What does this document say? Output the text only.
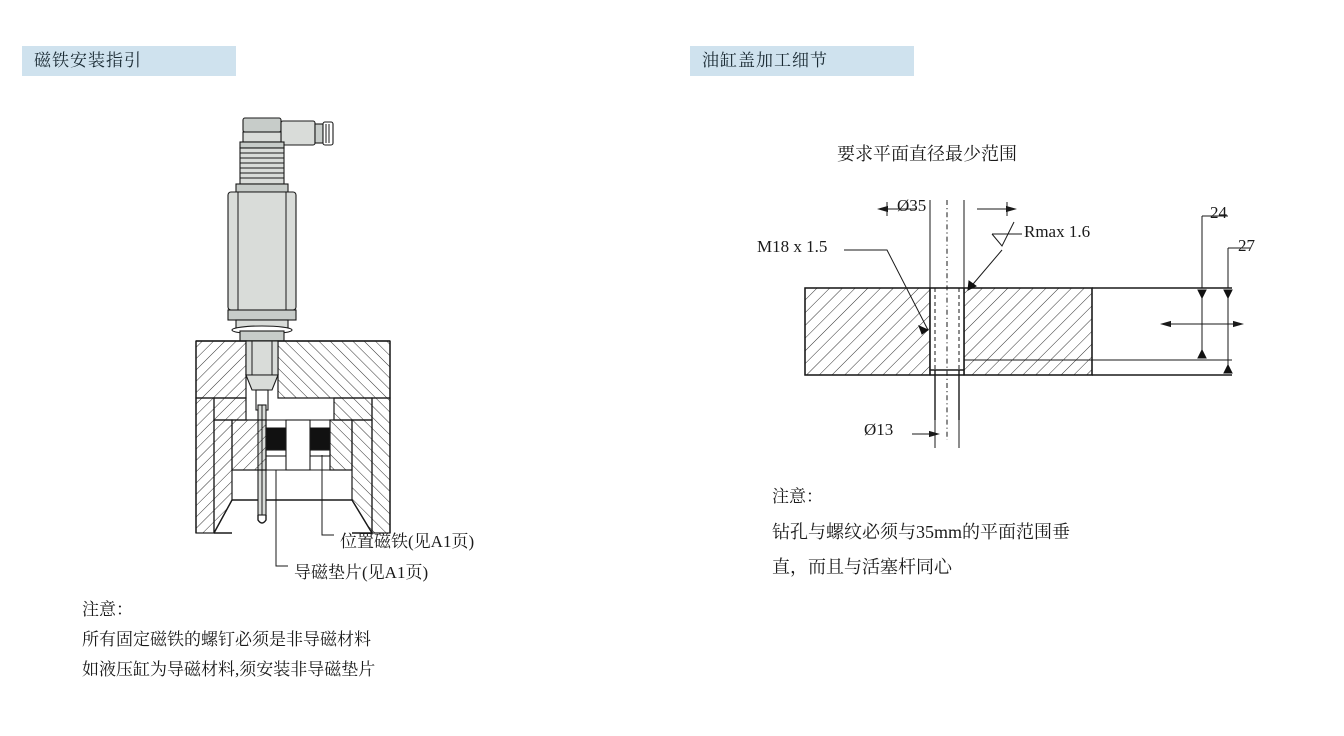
磁铁安装指引
位置磁铁(见A1页)
导磁垫片(见A1页)
注意：
所有固定磁铁的螺钉必须是非导磁材料
如液压缸为导磁材料,须安装非导磁垫片
油缸盖加工细节
要求平面直径最少范围
Ø35
M18 x 1.5
Rmax 1.6
Ø13
24
27
注意：
钻孔与螺纹必须与35mm的平面范围垂
直，而且与活塞杆同心
